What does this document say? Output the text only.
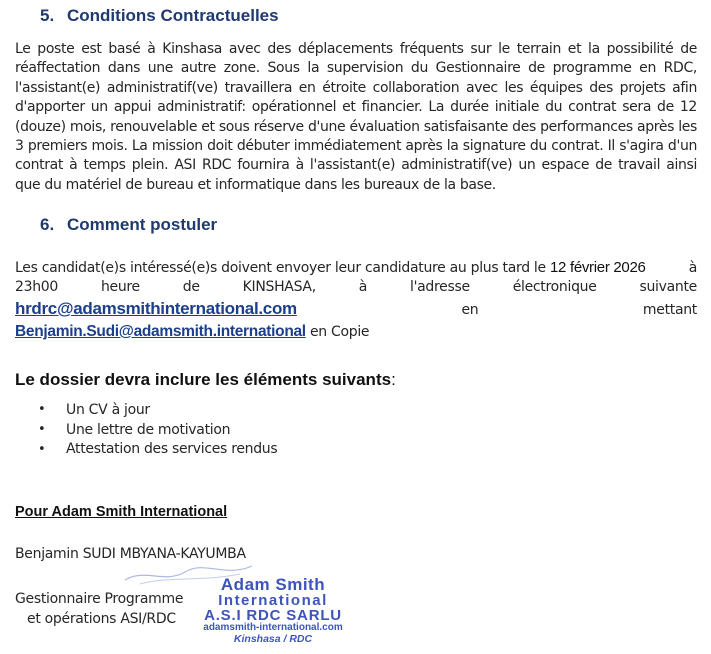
5. Conditions Contractuelles

Le poste est basé à Kinshasa avec des déplacements fréquents sur le terrain et la possibilité de réaffectation dans une autre zone. Sous la supervision du Gestionnaire de programme en RDC, l'assistant(e) administratif(ve) travaillera en étroite collaboration avec les équipes des projets afin d'apporter un appui administratif: opérationnel et financier. La durée initiale du contrat sera de 12 (douze) mois, renouvelable et sous réserve d'une évaluation satisfaisante des performances après les 3 premiers mois. La mission doit débuter immédiatement après la signature du contrat. Il s'agira d'un contrat à temps plein. ASI RDC fournira à l'assistant(e) administratif(ve) un espace de travail ainsi que du matériel de bureau et informatique dans les bureaux de la base.

6. Comment postuler
Les candidat(e)s intéressé(e)s doivent envoyer leur candidature au plus tard le 12 février 2026	à
23h00	heure	de	KINSHASA,	à	l'adresse	électronique	suivante
hrdrc@adamsmithinternational.com	en	mettant
Benjamin.Sudi@adamsmith.international en Copie

Le dossier devra inclure les éléments suivants:

•	Un CV à jour
•	Une lettre de motivation
•	Attestation des services rendus

Pour Adam Smith International

Benjamin SUDI MBYANA-KAYUMBA

Gestionnaire Programme

et opérations ASI/RDC

Adam Smith
International
A.S.I RDC SARLU
adamsmith-international.com
Kinshasa / RDC
